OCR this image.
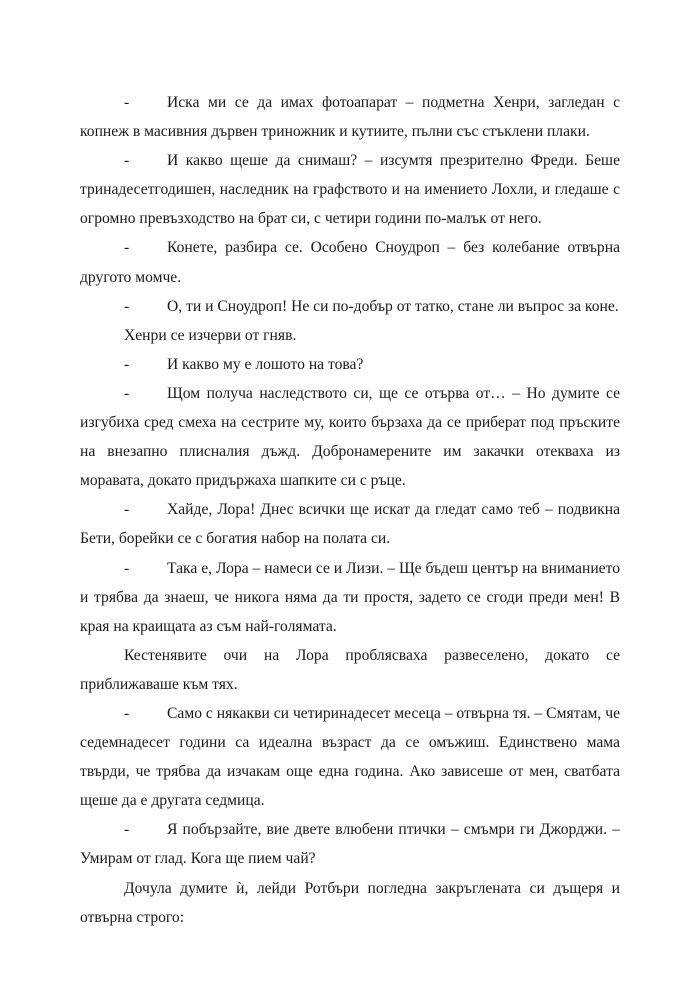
- Иска ми се да имах фотоапарат – подметна Хенри, загледан с копнеж в масивния дървен триножник и кутиите, пълни със стъклени плаки.

- И какво щеше да снимаш? – изсумтя презрително Фреди. Беше тринадесетгодишен, наследник на графството и на имението Лохли, и гледаше с огромно превъзходство на брат си, с четири години по-малък от него.

- Конете, разбира се. Особено Сноудроп – без колебание отвърна другото момче.

- О, ти и Сноудроп! Не си по-добър от татко, стане ли въпрос за коне.

Хенри се изчерви от гняв.

- И какво му е лошото на това?

- Щом получа наследството си, ще се отърва от… – Но думите се изгубиха сред смеха на сестрите му, които бързаха да се приберат под пръските на внезапно плисналия дъжд. Добронамерените им закачки отекваха из моравата, докато придържаха шапките си с ръце.

- Хайде, Лора! Днес всички ще искат да гледат само теб – подвикна Бети, борейки се с богатия набор на полата си.

- Така е, Лора – намеси се и Лизи. – Ще бъдеш център на вниманието и трябва да знаеш, че никога няма да ти простя, задето се сгоди преди мен! В края на краищата аз съм най-голямата.

Кестенявите очи на Лора проблясваха развеселено, докато се приближаваше към тях.

- Само с някакви си четиринадесет месеца – отвърна тя. – Смятам, че седемнадесет години са идеална възраст да се омъжиш. Единствено мама твърди, че трябва да изчакам още една година. Ако зависеше от мен, сватбата щеше да е другата седмица.

- Я побързайте, вие двете влюбени птички – смъмри ги Джорджи. – Умирам от глад. Кога ще пием чай?

Дочула думите ѝ, лейди Ротбъри погледна закръглената си дъщеря и отвърна строго:
